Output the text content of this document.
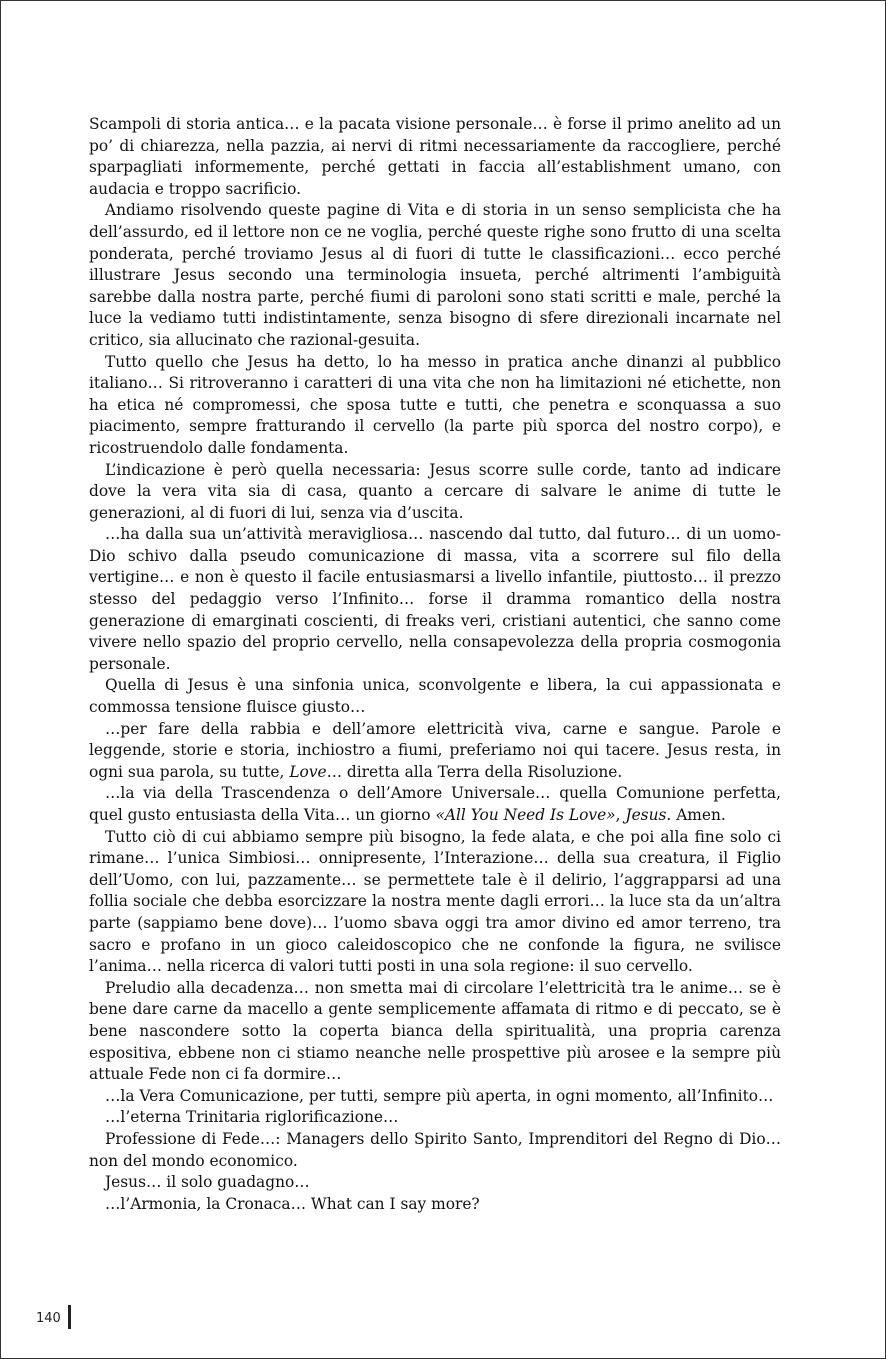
Scampoli di storia antica… e la pacata visione personale… è forse il primo anelito ad un po’ di chiarezza, nella pazzia, ai nervi di ritmi necessariamente da raccogliere, perché sparpagliati informemente, perché gettati in faccia all’establishment umano, con audacia e troppo sacrificio.

Andiamo risolvendo queste pagine di Vita e di storia in un senso semplicista che ha dell’assurdo, ed il lettore non ce ne voglia, perché queste righe sono frutto di una scelta ponderata, perché troviamo Jesus al di fuori di tutte le classificazioni… ecco perché illustrare Jesus secondo una terminologia insueta, perché altrimenti l’ambiguità sarebbe dalla nostra parte, perché fiumi di paroloni sono stati scritti e male, perché la luce la vediamo tutti indistintamente, senza bisogno di sfere direzionali incarnate nel critico, sia allucinato che razional-gesuita.

Tutto quello che Jesus ha detto, lo ha messo in pratica anche dinanzi al pubblico italiano… Si ritroveranno i caratteri di una vita che non ha limitazioni né etichette, non ha etica né compromessi, che sposa tutte e tutti, che penetra e sconquassa a suo piacimento, sempre fratturando il cervello (la parte più sporca del nostro corpo), e ricostruendolo dalle fondamenta.

L’indicazione è però quella necessaria: Jesus scorre sulle corde, tanto ad indicare dove la vera vita sia di casa, quanto a cercare di salvare le anime di tutte le generazioni, al di fuori di lui, senza via d’uscita.

…ha dalla sua un’attività meravigliosa… nascendo dal tutto, dal futuro… di un uomo-Dio schivo dalla pseudo comunicazione di massa, vita a scorrere sul filo della vertigine… e non è questo il facile entusiasmarsi a livello infantile, piuttosto… il prezzo stesso del pedaggio verso l’Infinito… forse il dramma romantico della nostra generazione di emarginati coscienti, di freaks veri, cristiani autentici, che sanno come vivere nello spazio del proprio cervello, nella consapevolezza della propria cosmogonia personale.

Quella di Jesus è una sinfonia unica, sconvolgente e libera, la cui appassionata e commossa tensione fluisce giusto…

…per fare della rabbia e dell’amore elettricità viva, carne e sangue. Parole e leggende, storie e storia, inchiostro a fiumi, preferiamo noi qui tacere. Jesus resta, in ogni sua parola, su tutte, Love… diretta alla Terra della Risoluzione.

…la via della Trascendenza o dell’Amore Universale… quella Comunione perfetta, quel gusto entusiasta della Vita… un giorno «All You Need Is Love», Jesus. Amen.

Tutto ciò di cui abbiamo sempre più bisogno, la fede alata, e che poi alla fine solo ci rimane… l’unica Simbiosi… onnipresente, l’Interazione… della sua creatura, il Figlio dell’Uomo, con lui, pazzamente… se permettete tale è il delirio, l’aggrapparsi ad una follia sociale che debba esorcizzare la nostra mente dagli errori… la luce sta da un’altra parte (sappiamo bene dove)… l’uomo sbava oggi tra amor divino ed amor terreno, tra sacro e profano in un gioco caleidoscopico che ne confonde la figura, ne svilisce l’anima… nella ricerca di valori tutti posti in una sola regione: il suo cervello.

Preludio alla decadenza… non smetta mai di circolare l’elettricità tra le anime… se è bene dare carne da macello a gente semplicemente affamata di ritmo e di peccato, se è bene nascondere sotto la coperta bianca della spiritualità, una propria carenza espositiva, ebbene non ci stiamo neanche nelle prospettive più arosee e la sempre più attuale Fede non ci fa dormire…

…la Vera Comunicazione, per tutti, sempre più aperta, in ogni momento, all’Infinito…

…l’eterna Trinitaria riglorificazione…

Professione di Fede…: Managers dello Spirito Santo, Imprenditori del Regno di Dio… non del mondo economico.

Jesus… il solo guadagno…

…l’Armonia, la Cronaca… What can I say more?

140
